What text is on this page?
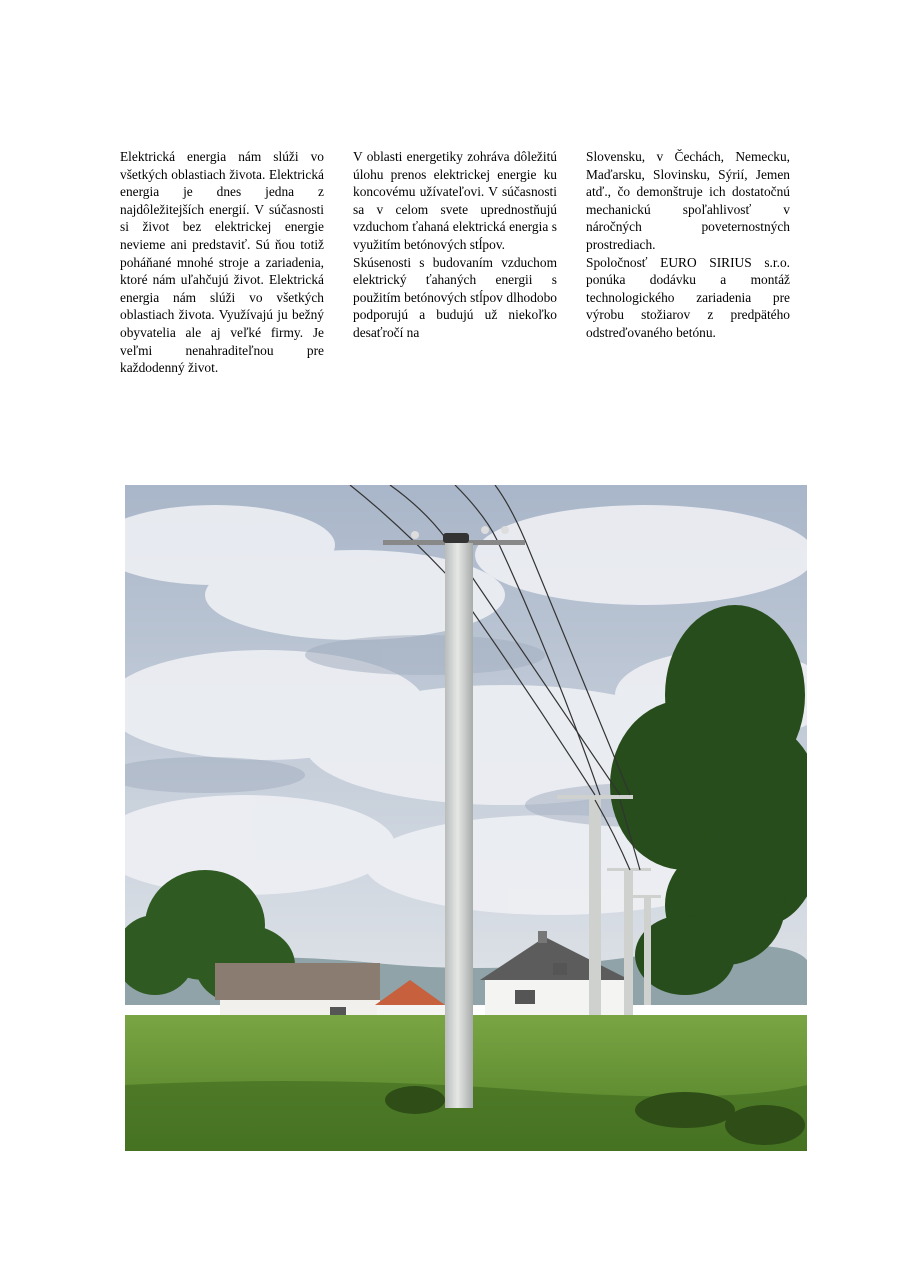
Elektrická energia nám slúži vo všetkých oblastiach života. Elektrická energia je dnes jedna z najdôležitejších energií. V súčasnosti si život bez elektrickej energie nevieme ani predstaviť. Sú ňou totiž poháňané mnohé stroje a zariadenia, ktoré nám uľahčujú život. Elektrická energia nám slúži vo všetkých oblastiach života. Využívajú ju bežný obyvatelia ale aj veľké firmy. Je veľmi nenahraditeľnou pre každodenný život.

V oblasti energetiky zohráva dôležitú úlohu prenos elektrickej energie ku koncovému užívateľovi. V súčasnosti sa v celom svete uprednostňujú vzduchom ťahaná elektrická energia s využitím betónových stĺpov.

Skúsenosti s budovaním vzduchom elektrický ťahaných energii s použitím betónových stĺpov dlhodobo podporujú a budujú už niekoľko desaťročí na

Slovensku, v Čechách, Nemecku, Maďarsku, Slovinsku, Sýrií, Jemen atď., čo demonštruje ich dostatočnú mechanickú spoľahlivosť v náročných poveternostných prostrediach.

Spoločnosť EURO SIRIUS s.r.o. ponúka dodávku a montáž technologického zariadenia pre výrobu stožiarov z predpätého odstreďovaného betónu.
